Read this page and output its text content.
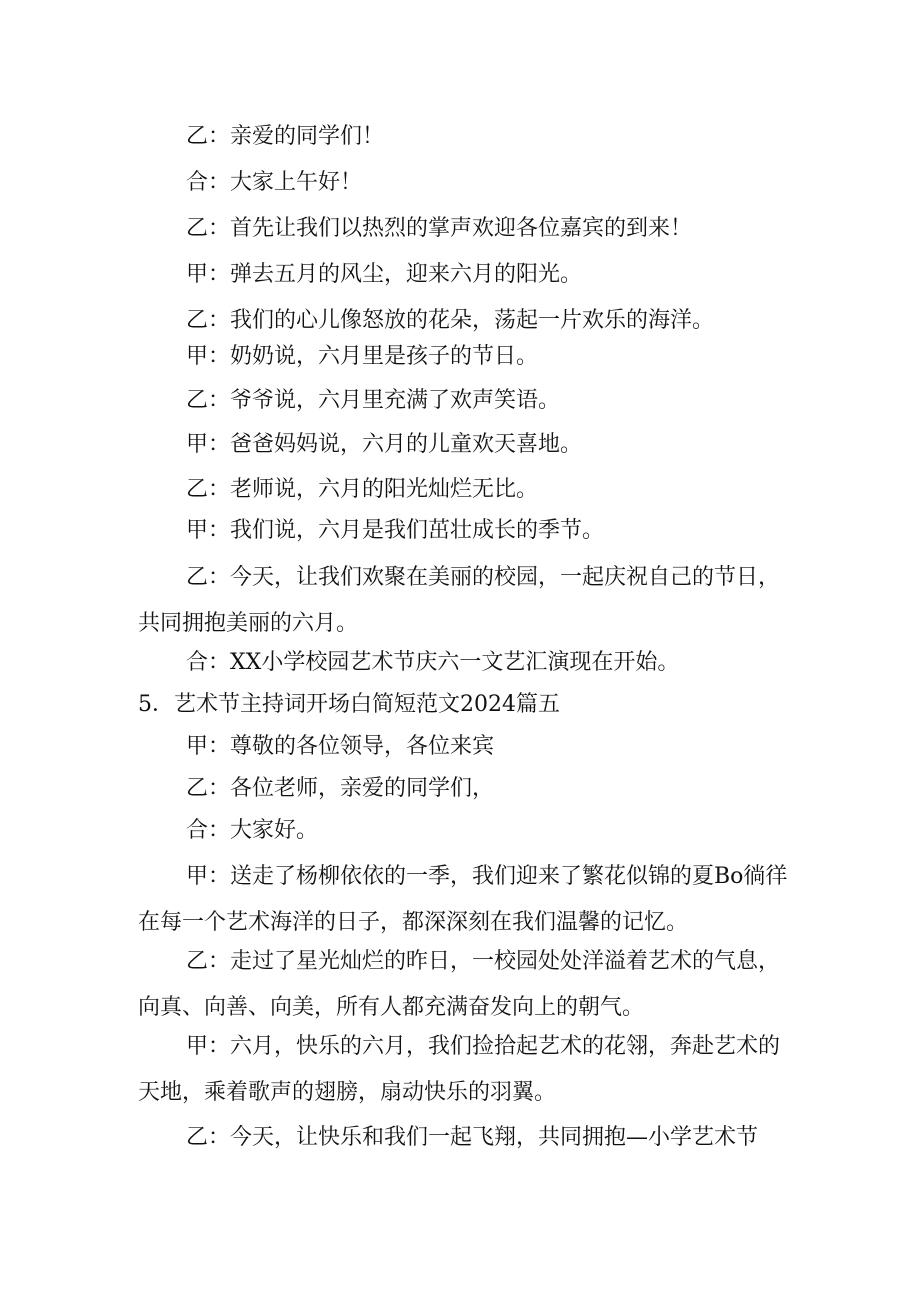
乙：亲爱的同学们！

合：大家上午好！

乙：首先让我们以热烈的掌声欢迎各位嘉宾的到来！

甲：弹去五月的风尘，迎来六月的阳光。

乙：我们的心儿像怒放的花朵，荡起一片欢乐的海洋。

甲：奶奶说，六月里是孩子的节日。

乙：爷爷说，六月里充满了欢声笑语。

甲：爸爸妈妈说，六月的儿童欢天喜地。

乙：老师说，六月的阳光灿烂无比。

甲：我们说，六月是我们茁壮成长的季节。

乙：今天，让我们欢聚在美丽的校园，一起庆祝自己的节日，共同拥抱美丽的六月。

合：XX小学校园艺术节庆六一文艺汇演现在开始。

5．艺术节主持词开场白简短范文2024篇五

甲：尊敬的各位领导，各位来宾

乙：各位老师，亲爱的同学们，

合：大家好。

甲：送走了杨柳依依的一季，我们迎来了繁花似锦的夏Bo徜徉在每一个艺术海洋的日子，都深深刻在我们温馨的记忆。

乙：走过了星光灿烂的昨日，一校园处处洋溢着艺术的气息，向真、向善、向美，所有人都充满奋发向上的朝气。

甲：六月，快乐的六月，我们捡拾起艺术的花翎，奔赴艺术的天地，乘着歌声的翅膀，扇动快乐的羽翼。

乙：今天，让快乐和我们一起飞翔，共同拥抱—小学艺术节
